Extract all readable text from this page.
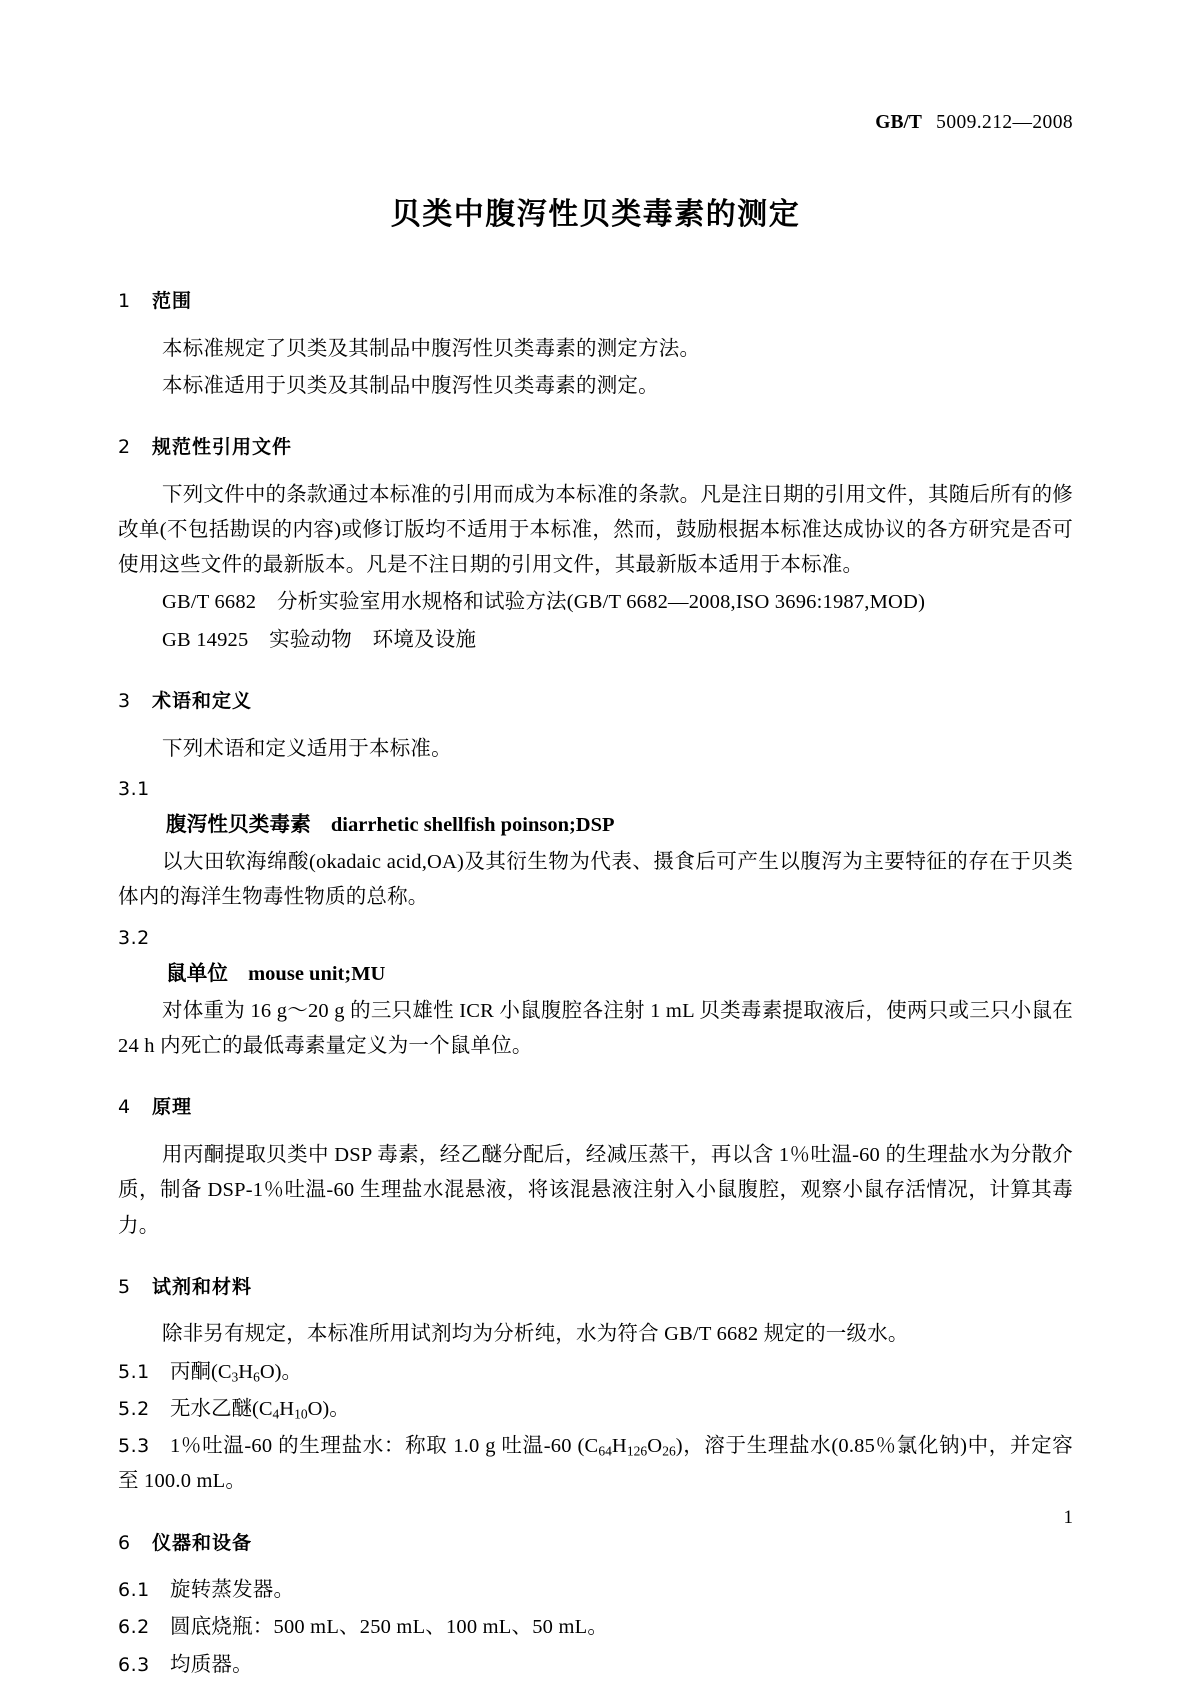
GB/T 5009.212—2008
贝类中腹泻性贝类毒素的测定
1 范围

本标准规定了贝类及其制品中腹泻性贝类毒素的测定方法。

本标准适用于贝类及其制品中腹泻性贝类毒素的测定。

2 规范性引用文件

下列文件中的条款通过本标准的引用而成为本标准的条款。凡是注日期的引用文件，其随后所有的修改单(不包括勘误的内容)或修订版均不适用于本标准，然而，鼓励根据本标准达成协议的各方研究是否可使用这些文件的最新版本。凡是不注日期的引用文件，其最新版本适用于本标准。

GB/T 6682　分析实验室用水规格和试验方法(GB/T 6682—2008,ISO 3696:1987,MOD)

GB 14925　实验动物　环境及设施

3 术语和定义

下列术语和定义适用于本标准。

3.1
腹泻性贝类毒素 diarrhetic shellfish poinson;DSP

以大田软海绵酸(okadaic acid,OA)及其衍生物为代表、摄食后可产生以腹泻为主要特征的存在于贝类体内的海洋生物毒性物质的总称。

3.2
鼠单位 mouse unit;MU

对体重为 16 g～20 g 的三只雄性 ICR 小鼠腹腔各注射 1 mL 贝类毒素提取液后，使两只或三只小鼠在 24 h 内死亡的最低毒素量定义为一个鼠单位。

4 原理

用丙酮提取贝类中 DSP 毒素，经乙醚分配后，经减压蒸干，再以含 1％吐温-60 的生理盐水为分散介质，制备 DSP-1％吐温-60 生理盐水混悬液，将该混悬液注射入小鼠腹腔，观察小鼠存活情况，计算其毒力。

5 试剂和材料

除非另有规定，本标准所用试剂均为分析纯，水为符合 GB/T 6682 规定的一级水。

5.1 丙酮$(C_3H_6O)$。

5.2 无水乙醚$(C_4H_{10}O)$。

5.3 1％吐温-60 的生理盐水：称取 1.0 g 吐温-60 $(C_{64}H_{126}O_{26})$，溶于生理盐水(0.85％氯化钠)中，并定容至 100.0 mL。

6 仪器和设备

6.1 旋转蒸发器。

6.2 圆底烧瓶：500 mL、250 mL、100 mL、50 mL。

6.3 均质器。

1
